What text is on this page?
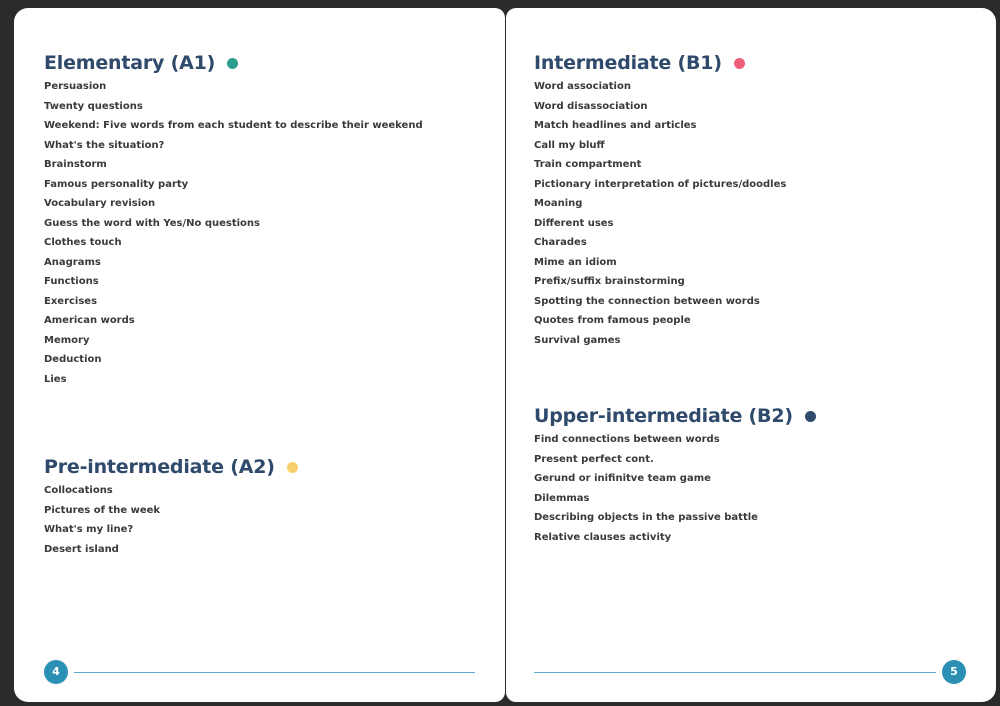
Elementary (A1)
Persuasion
Twenty questions
Weekend: Five words from each student to describe their weekend
What's the situation?
Brainstorm
Famous personality party
Vocabulary revision
Guess the word with Yes/No questions
Clothes touch
Anagrams
Functions
Exercises
American words
Memory
Deduction
Lies
Pre-intermediate (A2)
Collocations
Pictures of the week
What's my line?
Desert island
4
Intermediate (B1)
Word association
Word disassociation
Match headlines and articles
Call my bluff
Train compartment
Pictionary interpretation of pictures/doodles
Moaning
Different uses
Charades
Mime an idiom
Prefix/suffix brainstorming
Spotting the connection between words
Quotes from famous people
Survival games
Upper-intermediate (B2)
Find connections between words
Present perfect cont.
Gerund or inifinitve team game
Dilemmas
Describing objects in the passive battle
Relative clauses activity
5
